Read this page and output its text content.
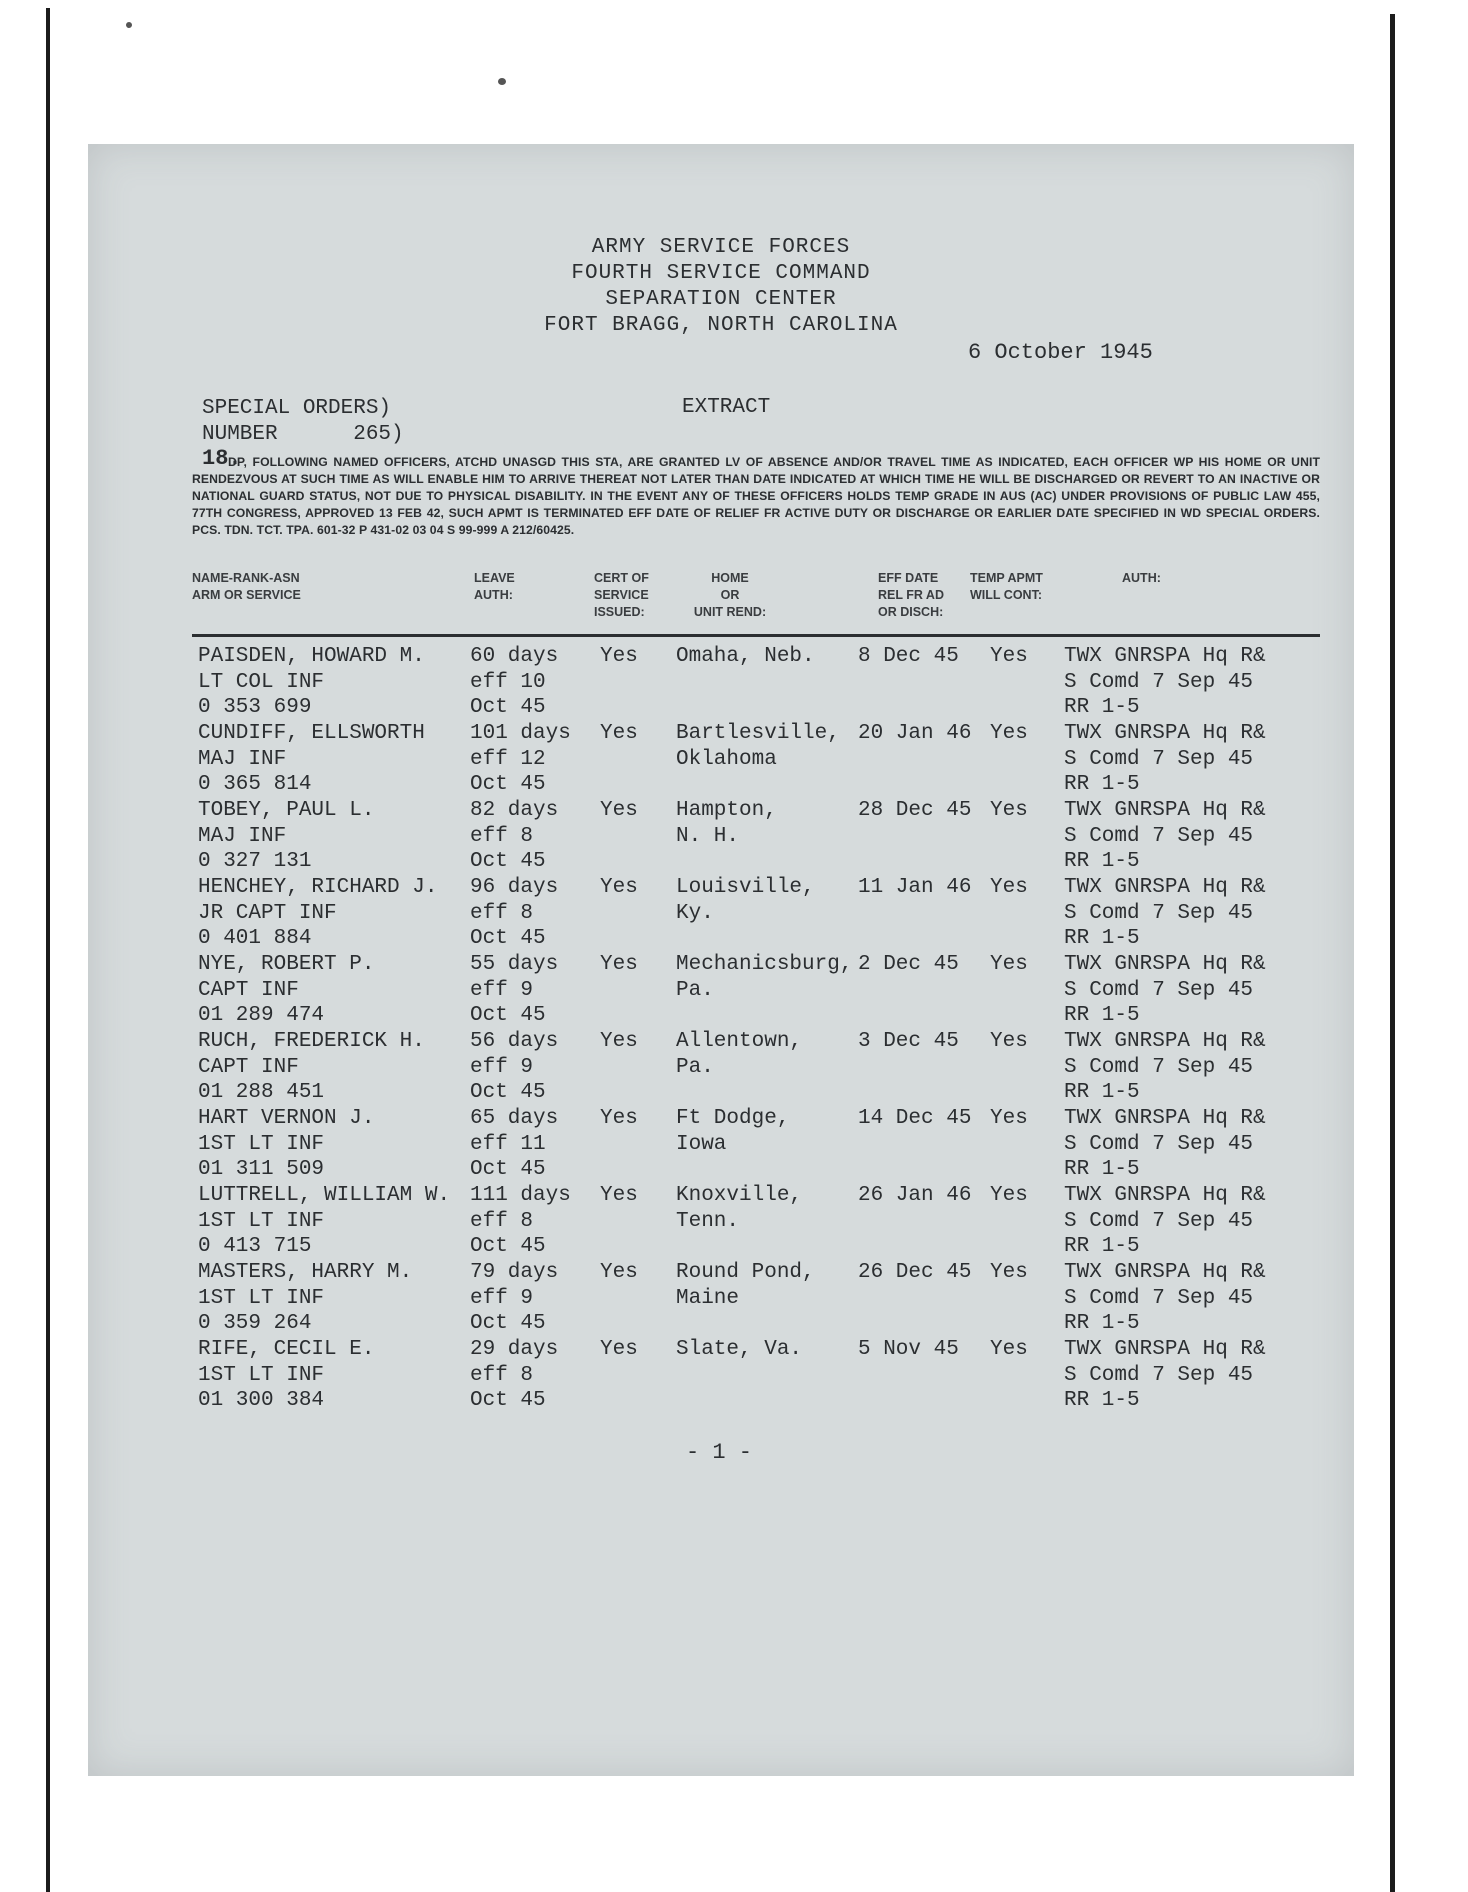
ARMY SERVICE FORCES
FOURTH SERVICE COMMAND
SEPARATION CENTER
FORT BRAGG, NORTH CAROLINA
6 October 1945
SPECIAL ORDERS)
NUMBER      265)
EXTRACT
18.
DP, FOLLOWING NAMED OFFICERS, ATCHD UNASGD THIS STA, ARE GRANTED LV OF ABSENCE AND/OR TRAVEL TIME AS INDICATED, EACH OFFICER WP HIS HOME OR UNIT RENDEZVOUS AT SUCH TIME AS WILL ENABLE HIM TO ARRIVE THEREAT NOT LATER THAN DATE INDICATED AT WHICH TIME HE WILL BE DISCHARGED OR REVERT TO AN INACTIVE OR NATIONAL GUARD STATUS, NOT DUE TO PHYSICAL DISABILITY. IN THE EVENT ANY OF THESE OFFICERS HOLDS TEMP GRADE IN AUS (AC) UNDER PROVISIONS OF PUBLIC LAW 455, 77TH CONGRESS, APPROVED 13 FEB 42, SUCH APMT IS TERMINATED EFF DATE OF RELIEF FR ACTIVE DUTY OR DISCHARGE OR EARLIER DATE SPECIFIED IN WD SPECIAL ORDERS. PCS. TDN. TCT. TPA. 601-32 P 431-02 03 04 S 99-999 A 212/60425.
NAME-RANK-ASN
ARM OR SERVICE
LEAVE
AUTH:
CERT OF
SERVICE
ISSUED:
HOME
OR
UNIT REND:
EFF DATE
REL FR AD
OR DISCH:
TEMP APMT
WILL CONT:
AUTH:
PAISDEN, HOWARD M.
LT COL INF
0 353 699
60 days
eff 10
Oct 45
Yes Omaha, Neb. 8 Dec 45 Yes TWX GNRSPA Hq R&
S Comd 7 Sep 45
RR 1-5
CUNDIFF, ELLSWORTH
MAJ INF
0 365 814
101 days
eff 12
Oct 45
Yes Bartlesville,
Oklahoma
20 Jan 46 Yes TWX GNRSPA Hq R&
S Comd 7 Sep 45
RR 1-5
TOBEY, PAUL L.
MAJ INF
0 327 131
82 days
eff 8
Oct 45
Yes Hampton,
N. H.
28 Dec 45 Yes TWX GNRSPA Hq R&
S Comd 7 Sep 45
RR 1-5
HENCHEY, RICHARD J.
JR CAPT INF
0 401 884
96 days
eff 8
Oct 45
Yes Louisville,
Ky.
11 Jan 46 Yes TWX GNRSPA Hq R&
S Comd 7 Sep 45
RR 1-5
NYE, ROBERT P.
CAPT INF
01 289 474
55 days
eff 9
Oct 45
Yes Mechanicsburg,
Pa.
2 Dec 45 Yes TWX GNRSPA Hq R&
S Comd 7 Sep 45
RR 1-5
RUCH, FREDERICK H.
CAPT INF
01 288 451
56 days
eff 9
Oct 45
Yes Allentown,
Pa.
3 Dec 45 Yes TWX GNRSPA Hq R&
S Comd 7 Sep 45
RR 1-5
HART VERNON J.
1ST LT INF
01 311 509
65 days
eff 11
Oct 45
Yes Ft Dodge,
Iowa
14 Dec 45 Yes TWX GNRSPA Hq R&
S Comd 7 Sep 45
RR 1-5
LUTTRELL, WILLIAM W.
1ST LT INF
0 413 715
111 days
eff 8
Oct 45
Yes Knoxville,
Tenn.
26 Jan 46 Yes TWX GNRSPA Hq R&
S Comd 7 Sep 45
RR 1-5
MASTERS, HARRY M.
1ST LT INF
0 359 264
79 days
eff 9
Oct 45
Yes Round Pond,
Maine
26 Dec 45 Yes TWX GNRSPA Hq R&
S Comd 7 Sep 45
RR 1-5
RIFE, CECIL E.
1ST LT INF
01 300 384
29 days
eff 8
Oct 45
Yes Slate, Va.	5 Nov 45 Yes TWX GNRSPA Hq R&
S Comd 7 Sep 45
RR 1-5
- 1 -
